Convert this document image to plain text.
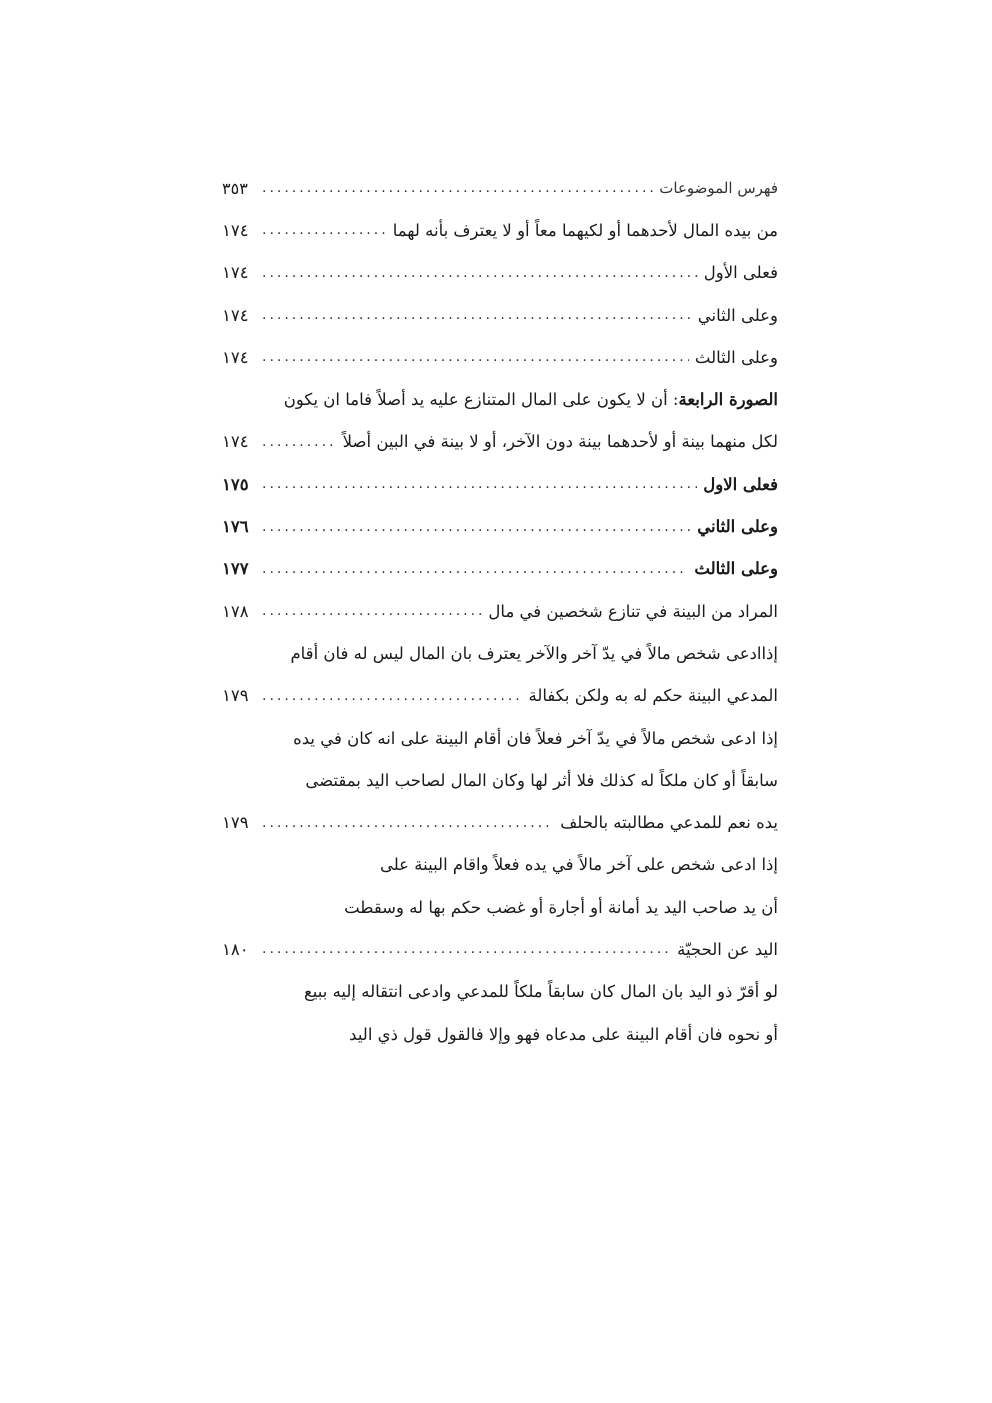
فهرس الموضوعات
.....
٣٥٣
من بيده المال لأحدهما أو لكيهما معاً أو لا يعترف بأنه لهما
.....
١٧٤
فعلى الأول
.....
١٧٤
وعلى الثاني
.....
١٧٤
وعلى الثالث
.....
١٧٤
الصورة الرابعة: أن لا يكون على المال المتنازع عليه يد أصلاً فاما ان يكون
لكل منهما بينة أو لأحدهما بينة دون الآخر، أو لا بينة في البين أصلاً
.....
١٧٤
فعلى الاول
.....
١٧٥
وعلى الثاني
.....
١٧٦
وعلى الثالث
.....
١٧٧
المراد من البينة في تنازع شخصين في مال
.....
١٧٨
إذاادعى شخص مالاً في يدّ آخر والآخر يعترف بان المال ليس له فان أقام
المدعي البينة حكم له به ولكن بكفالة
.....
١٧٩
إذا ادعى شخص مالاً في يدّ آخر فعلاً فان أقام البينة على انه كان في يده
سابقاً أو كان ملكاً له كذلك فلا أثر لها وكان المال لصاحب اليد بمقتضى
يده نعم للمدعي مطالبته بالحلف
.....
١٧٩
إذا ادعى شخص على آخر مالاً في يده فعلاً واقام البينة على
أن يد صاحب اليد يد أمانة أو أجارة أو غضب حكم بها له وسقطت
اليد عن الحجيّة
.....
١٨٠
لو أقرّ ذو اليد بان المال كان سابقاً ملكاً للمدعي وادعى انتقاله إليه ببيع
أو نحوه فان أقام البينة على مدعاه فهو وإلا فالقول قول ذي اليد
